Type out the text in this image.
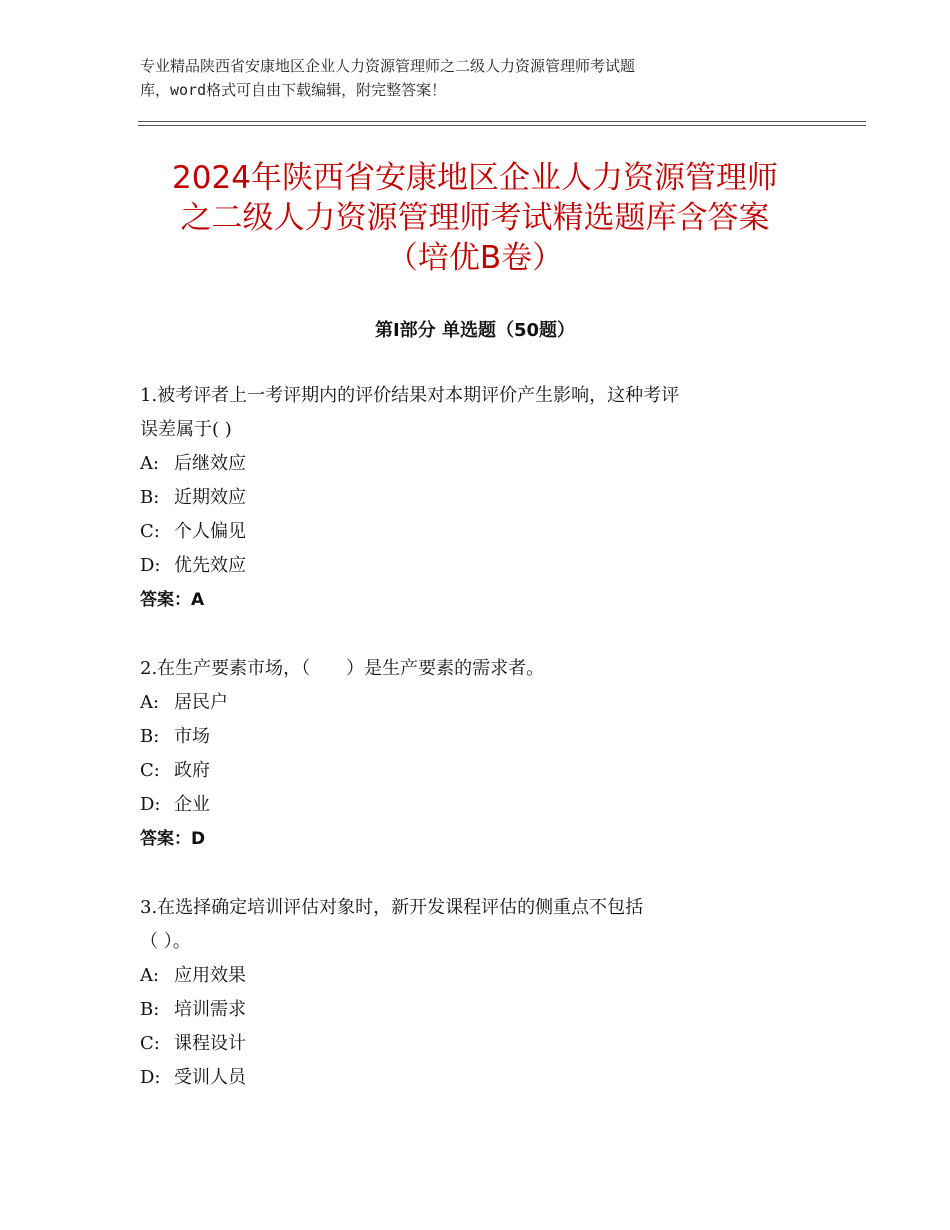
专业精品陕西省安康地区企业人力资源管理师之二级人力资源管理师考试题
库，word格式可自由下载编辑，附完整答案！
2024年陕西省安康地区企业人力资源管理师
之二级人力资源管理师考试精选题库含答案
（培优B卷）
第Ⅰ部分 单选题（50题）
1.被考评者上一考评期内的评价结果对本期评价产生影响，这种考评
误差属于( )
A: 后继效应
B: 近期效应
C: 个人偏见
D: 优先效应
答案：A
2.在生产要素市场，（　　）是生产要素的需求者。
A: 居民户
B: 市场
C: 政府
D: 企业
答案：D
3.在选择确定培训评估对象时，新开发课程评估的侧重点不包括
（ ）。
A: 应用效果
B: 培训需求
C: 课程设计
D: 受训人员
